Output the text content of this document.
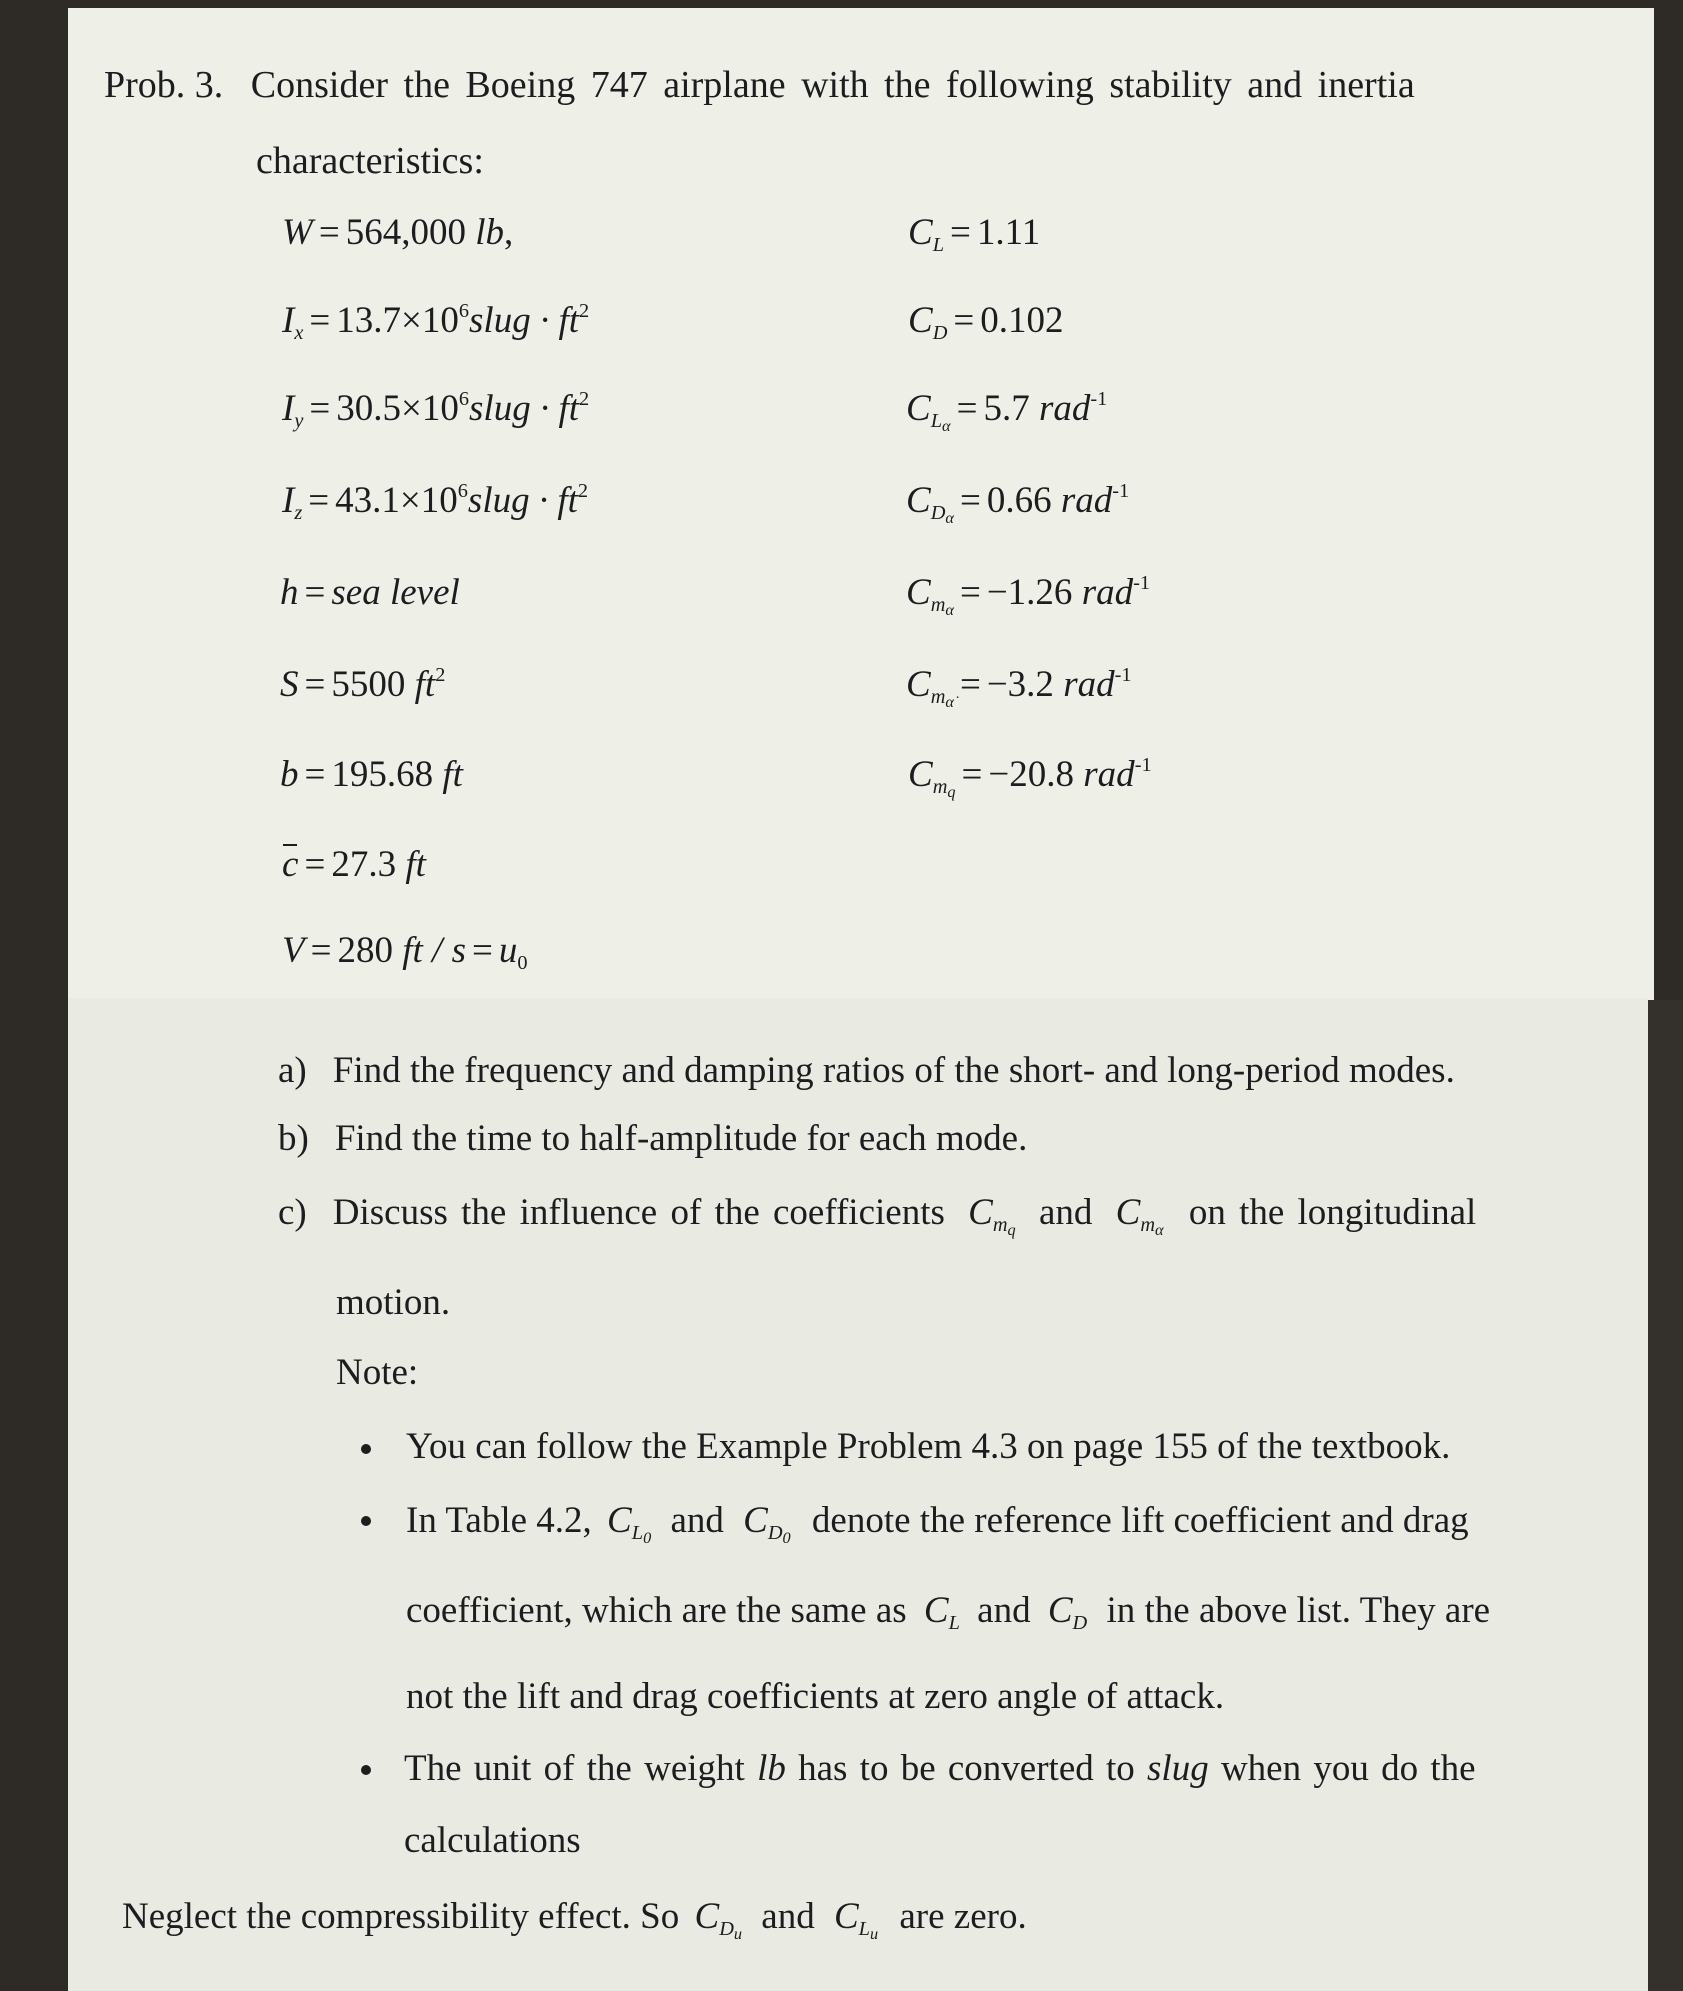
Prob. 3. Consider the Boeing 747 airplane with the following stability and inertia
characteristics:
W = 564,000 lb,
$I_x$ = $13.7\times 10^6slug \cdot ft^2$
$I_y$ = $30.5\times 10^6slug \cdot ft^2$
$I_z$ = $43.1\times 10^6slug \cdot ft^2$
h = sea level
S = 5500 $ft^2$
b = 195.68 ft
c = 27.3 ft
V = 280 ft / $s = u_0$
$C_L = 1.11$
$C_D = 0.102$
$C_{L_\alpha} = 5.7$ rad$^{-1}$
$C_{D_\alpha} = 0.66$ rad$^{-1}$
$C_{m_\alpha} = -1.26$ rad$^{-1}$
$C_{m_{\alphȧ}} = -3.2$ rad$^{-1}$
$C_{m_q} = -20.8$ rad$^{-1}$
a) Find the frequency and damping ratios of the short- and long-period modes.
b) Find the time to half-amplitude for each mode.
c) Discuss the influence of the coefficients $C_{m_q}$ and $C_{m_\alpha}$ on the longitudinal
motion.
Note:
You can follow the Example Problem 4.3 on page 155 of the textbook.
In Table 4.2, $C_{L_0}$ and $C_{D_0}$ denote the reference lift coefficient and drag
coefficient, which are the same as $C_L$ and $C_D$ in the above list. They are
not the lift and drag coefficients at zero angle of attack.
The unit of the weight lb has to be converted to slug when you do the
calculations
Neglect the compressibility effect. So $C_{D_u}$ and $C_{L_u}$ are zero.
